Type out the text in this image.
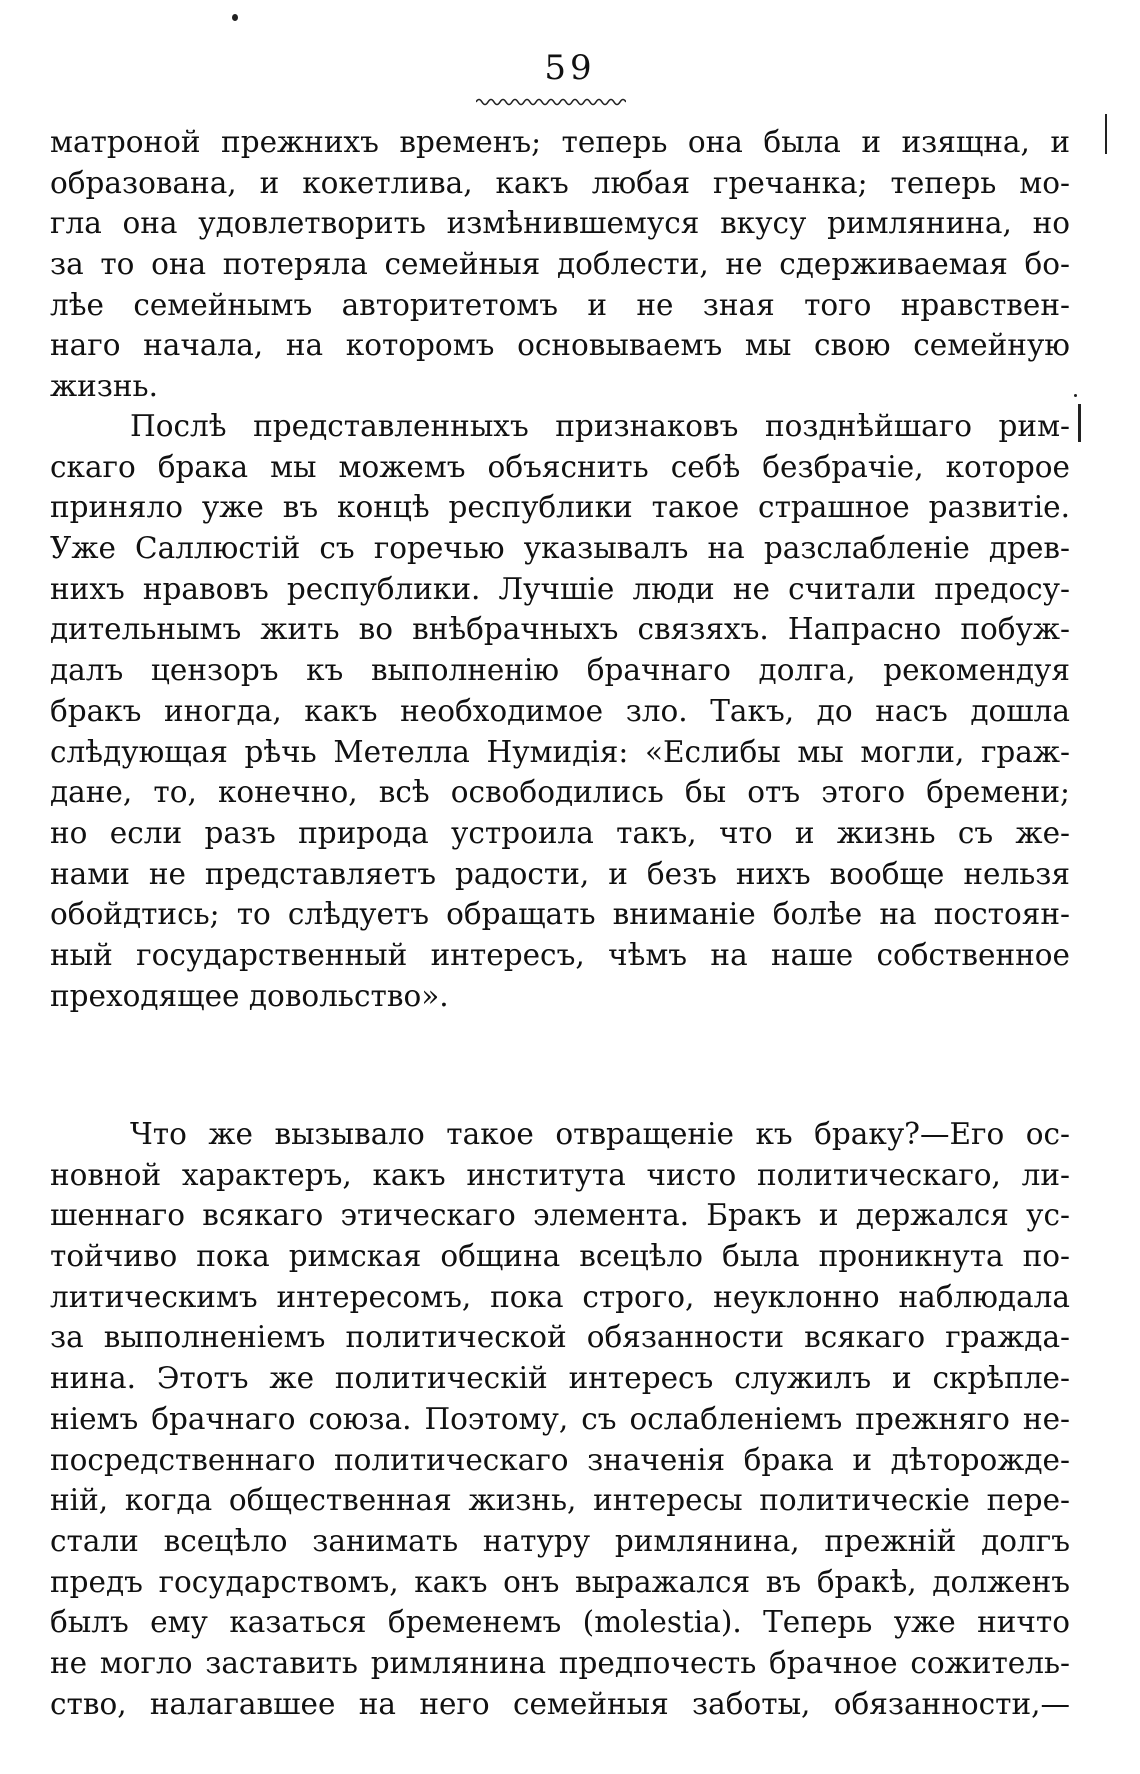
59

матроной прежнихъ временъ; теперь она была и изящна, и
образована, и кокетлива, какъ любая гречанка; теперь мо-
гла она удовлетворить измѣнившемуся вкусу римлянина, но
за то она потеряла семейныя доблести, не сдерживаемая бо-
лѣе семейнымъ авторитетомъ и не зная того нравствен-
наго начала, на которомъ основываемъ мы свою семейную
жизнь.

Послѣ представленныхъ признаковъ позднѣйшаго рим-
скаго брака мы можемъ объяснить себѣ безбрачіе, которое
приняло уже въ концѣ республики такое страшное развитіе.
Уже Саллюстій съ горечью указывалъ на разслабленіе древ-
нихъ нравовъ республики. Лучшіе люди не считали предосу-
дительнымъ жить во внѣбрачныхъ связяхъ. Напрасно побуж-
далъ цензоръ къ выполненію брачнаго долга, рекомендуя
бракъ иногда, какъ необходимое зло. Такъ, до насъ дошла
слѣдующая рѣчь Метелла Нумидія: «Еслибы мы могли, граж-
дане, то, конечно, всѣ освободились бы отъ этого бремени;
но если разъ природа устроила такъ, что и жизнь съ же-
нами не представляетъ радости, и безъ нихъ вообще нельзя
обойдтись; то слѣдуетъ обращать вниманіе болѣе на постоян-
ный государственный интересъ, чѣмъ на наше собственное
преходящее довольство».

Что же вызывало такое отвращеніе къ браку?—Его ос-
новной характеръ, какъ института чисто политическаго, ли-
шеннаго всякаго этическаго элемента. Бракъ и держался ус-
тойчиво пока римская община всецѣло была проникнута по-
литическимъ интересомъ, пока строго, неуклонно наблюдала
за выполненіемъ политической обязанности всякаго гражда-
нина. Этотъ же политическій интересъ служилъ и скрѣпле-
ніемъ брачнаго союза. Поэтому, съ ослабленіемъ прежняго не-
посредственнаго политическаго значенія брака и дѣторожде-
ній, когда общественная жизнь, интересы политическіе пере-
стали всецѣло занимать натуру римлянина, прежній долгъ
предъ государствомъ, какъ онъ выражался въ бракѣ, долженъ
былъ ему казаться бременемъ (molestia). Теперь уже ничто
не могло заставить римлянина предпочесть брачное сожитель-
ство, налагавшее на него семейныя заботы, обязанности,—
